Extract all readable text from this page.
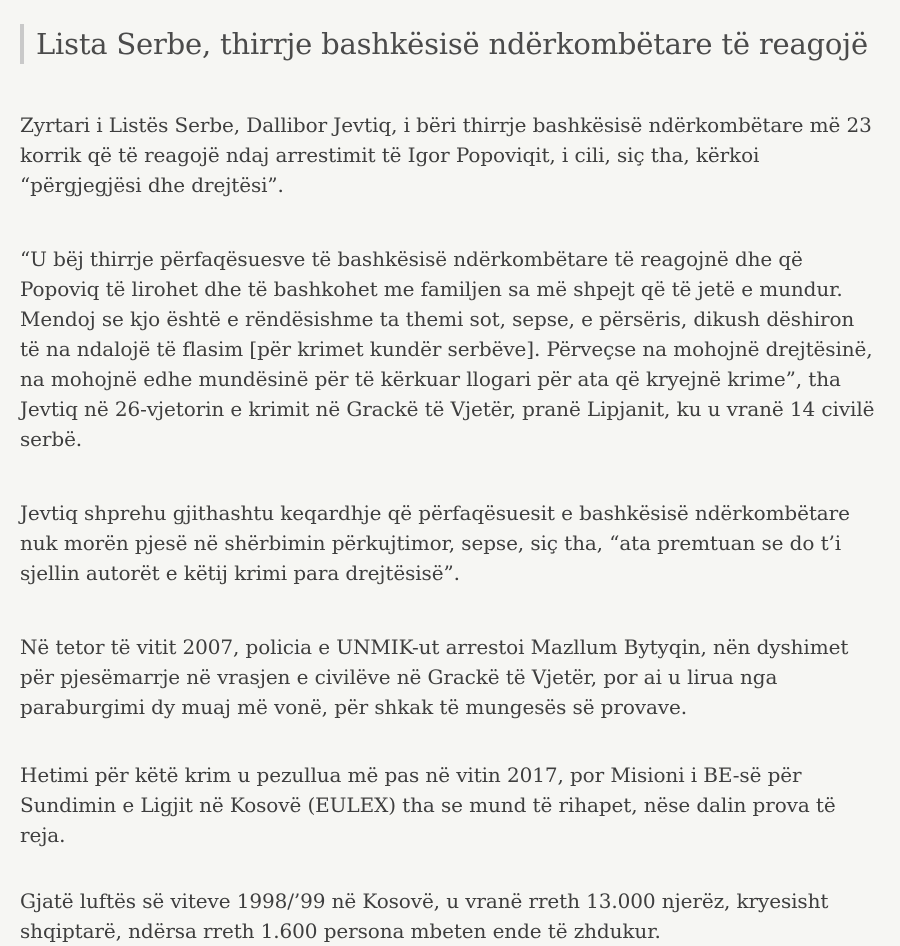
Lista Serbe, thirrje bashkësisë ndërkombëtare të reagojë

Zyrtari i Listës Serbe, Dallibor Jevtiq, i bëri thirrje bashkësisë ndërkombëtare më 23 korrik që të reagojë ndaj arrestimit të Igor Popoviqit, i cili, siç tha, kërkoi “përgjegjësi dhe drejtësi”.

“U bëj thirrje përfaqësuesve të bashkësisë ndërkombëtare të reagojnë dhe që Popoviq të lirohet dhe të bashkohet me familjen sa më shpejt që të jetë e mundur. Mendoj se kjo është e rëndësishme ta themi sot, sepse, e përsëris, dikush dëshiron të na ndalojë të flasim [për krimet kundër serbëve]. Përveçse na mohojnë drejtësinë, na mohojnë edhe mundësinë për të kërkuar llogari për ata që kryejnë krime”, tha Jevtiq në 26-vjetorin e krimit në Grackë të Vjetër, pranë Lipjanit, ku u vranë 14 civilë serbë.

Jevtiq shprehu gjithashtu keqardhje që përfaqësuesit e bashkësisë ndërkombëtare nuk morën pjesë në shërbimin përkujtimor, sepse, siç tha, “ata premtuan se do t’i sjellin autorët e këtij krimi para drejtësisë”.

Në tetor të vitit 2007, policia e UNMIK-ut arrestoi Mazllum Bytyqin, nën dyshimet për pjesëmarrje në vrasjen e civilëve në Grackë të Vjetër, por ai u lirua nga paraburgimi dy muaj më vonë, për shkak të mungesës së provave.

Hetimi për këtë krim u pezullua më pas në vitin 2017, por Misioni i BE-së për Sundimin e Ligjit në Kosovë (EULEX) tha se mund të rihapet, nëse dalin prova të reja.

Gjatë luftës së viteve 1998/’99 në Kosovë, u vranë rreth 13.000 njerëz, kryesisht shqiptarë, ndërsa rreth 1.600 persona mbeten ende të zhdukur.
